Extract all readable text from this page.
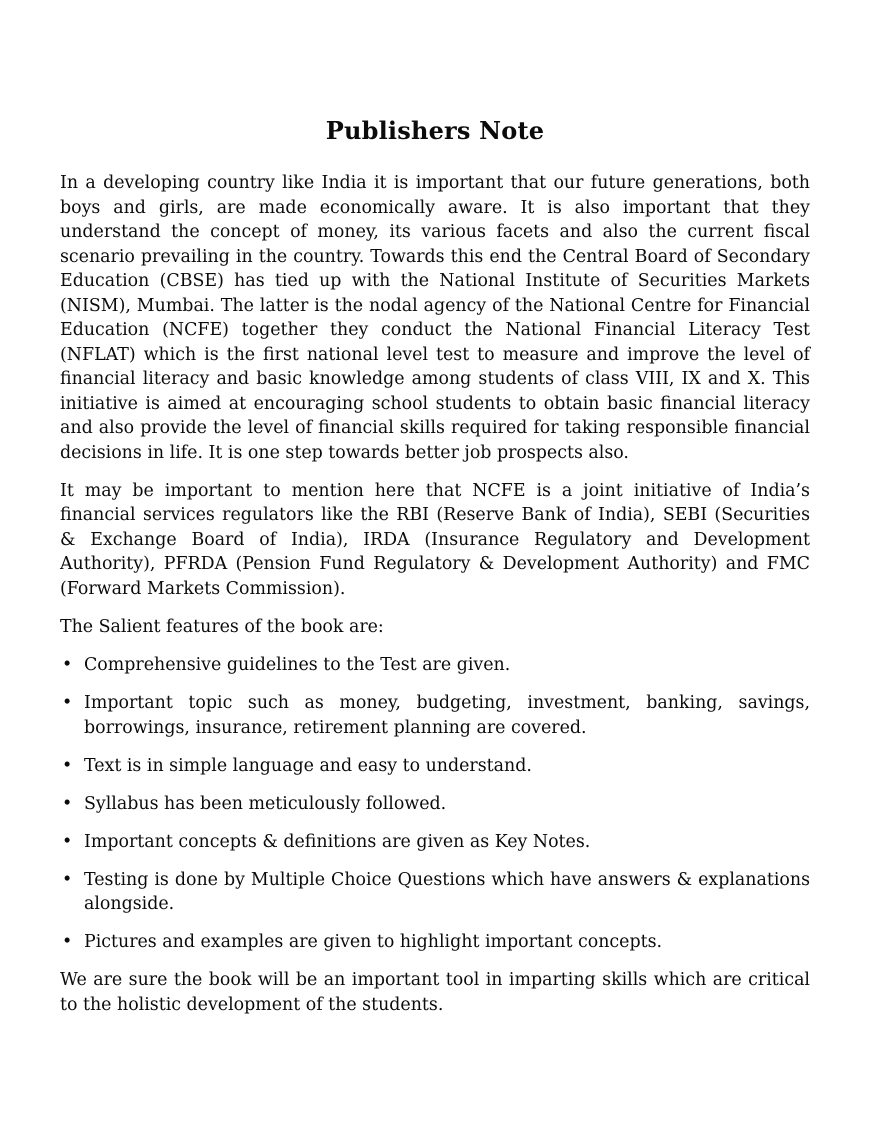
Publishers Note

In a developing country like India it is important that our future generations, both boys and girls, are made economically aware. It is also important that they understand the concept of money, its various facets and also the current fiscal scenario prevailing in the country. Towards this end the Central Board of Secondary Education (CBSE) has tied up with the National Institute of Securities Markets (NISM), Mumbai. The latter is the nodal agency of the National Centre for Financial Education (NCFE) together they conduct the National Financial Literacy Test (NFLAT) which is the first national level test to measure and improve the level of financial literacy and basic knowledge among students of class VIII, IX and X. This initiative is aimed at encouraging school students to obtain basic financial literacy and also provide the level of financial skills required for taking responsible financial decisions in life. It is one step towards better job prospects also.

It may be important to mention here that NCFE is a joint initiative of India’s financial services regulators like the RBI (Reserve Bank of India), SEBI (Securities & Exchange Board of India), IRDA (Insurance Regulatory and Development Authority), PFRDA (Pension Fund Regulatory & Development Authority) and FMC (Forward Markets Commission).

The Salient features of the book are:

• Comprehensive guidelines to the Test are given.
• Important topic such as money, budgeting, investment, banking, savings, borrowings, insurance, retirement planning are covered.
• Text is in simple language and easy to understand.
• Syllabus has been meticulously followed.
• Important concepts & definitions are given as Key Notes.
• Testing is done by Multiple Choice Questions which have answers & explanations alongside.
• Pictures and examples are given to highlight important concepts.

We are sure the book will be an important tool in imparting skills which are critical to the holistic development of the students.
